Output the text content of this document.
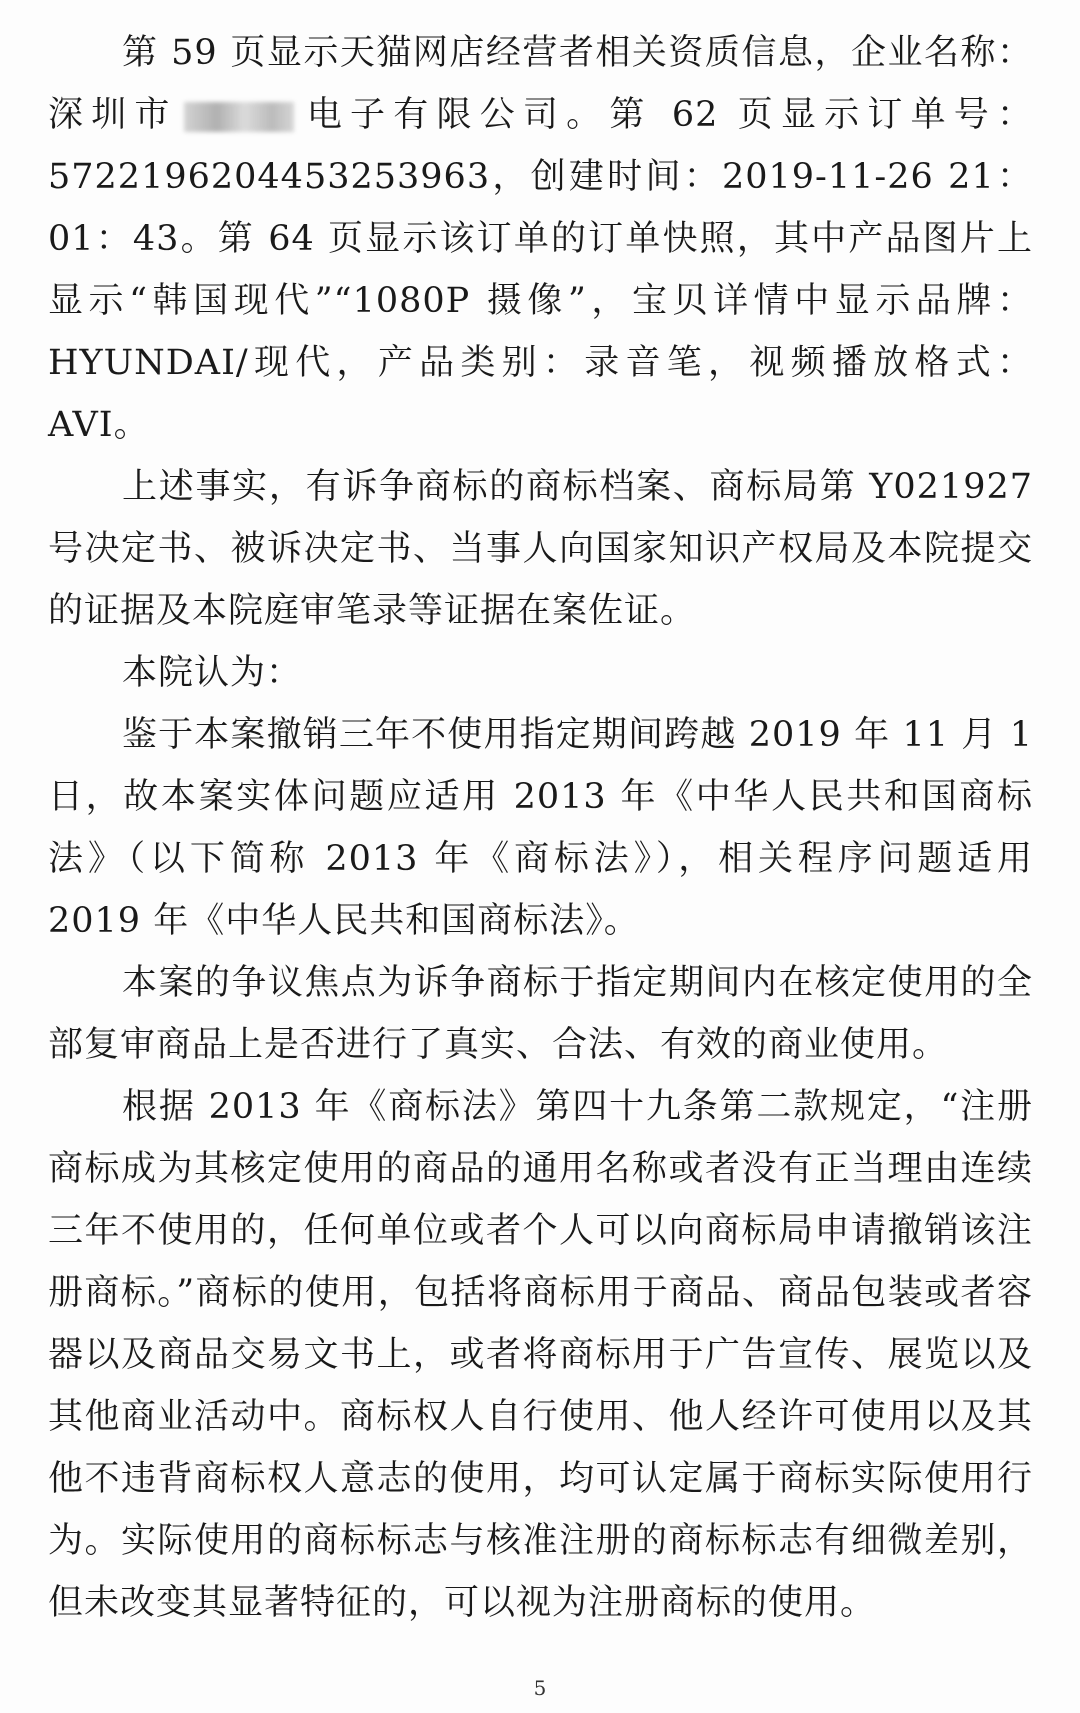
第 59 页显示天猫网店经营者相关资质信息，企业名称：深圳市	电子有限公司。第 62 页显示订单号：5722196204453253963，创建时间：2019-11-26 21：01：43。第 64 页显示该订单的订单快照，其中产品图片上显示“韩国现代”“1080P 摄像”，宝贝详情中显示品牌：HYUNDAI/现代，产品类别：录音笔，视频播放格式：AVI。

上述事实，有诉争商标的商标档案、商标局第 Y021927 号决定书、被诉决定书、当事人向国家知识产权局及本院提交的证据及本院庭审笔录等证据在案佐证。

本院认为：

鉴于本案撤销三年不使用指定期间跨越 2019 年 11 月 1 日，故本案实体问题应适用 2013 年《中华人民共和国商标法》（以下简称 2013 年《商标法》），相关程序问题适用 2019 年《中华人民共和国商标法》。

本案的争议焦点为诉争商标于指定期间内在核定使用的全部复审商品上是否进行了真实、合法、有效的商业使用。

根据 2013 年《商标法》第四十九条第二款规定，“注册商标成为其核定使用的商品的通用名称或者没有正当理由连续三年不使用的，任何单位或者个人可以向商标局申请撤销该注册商标。”商标的使用，包括将商标用于商品、商品包装或者容器以及商品交易文书上，或者将商标用于广告宣传、展览以及其他商业活动中。商标权人自行使用、他人经许可使用以及其他不违背商标权人意志的使用，均可认定属于商标实际使用行为。实际使用的商标标志与核准注册的商标标志有细微差别，但未改变其显著特征的，可以视为注册商标的使用。

5
